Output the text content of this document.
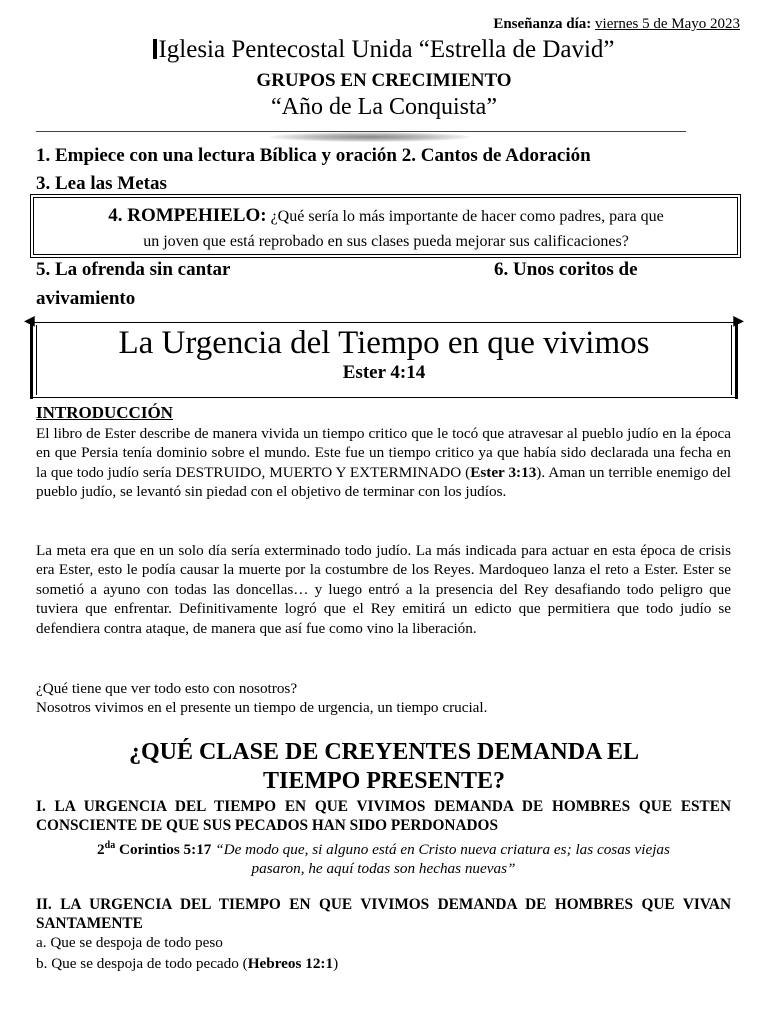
Enseñanza día: viernes 5 de Mayo 2023
Iglesia Pentecostal Unida “Estrella de David”
GRUPOS EN CRECIMIENTO
“Año de La Conquista”
1. Empiece con una lectura Bíblica y oración 2. Cantos de Adoración
3. Lea las Metas
4. ROMPEHIELO: ¿Qué sería lo más importante de hacer como padres, para que
un joven que está reprobado en sus clases pueda mejorar sus calificaciones?
5. La ofrenda sin cantar	6. Unos coritos de
avivamiento
◀	▶
La Urgencia del Tiempo en que vivimos
Ester 4:14
INTRODUCCIÓN
El libro de Ester describe de manera vivida un tiempo critico que le tocó que atravesar al pueblo judío en la época en que Persia tenía dominio sobre el mundo. Este fue un tiempo critico ya que había sido declarada una fecha en la que todo judío sería DESTRUIDO, MUERTO Y EXTERMINADO (Ester 3:13). Aman un terrible enemigo del pueblo judío, se levantó sin piedad con el objetivo de terminar con los judíos.
La meta era que en un solo día sería exterminado todo judío. La más indicada para actuar en esta época de crisis era Ester, esto le podía causar la muerte por la costumbre de los Reyes. Mardoqueo lanza el reto a Ester. Ester se sometió a ayuno con todas las doncellas… y luego entró a la presencia del Rey desafiando todo peligro que tuviera que enfrentar. Definitivamente logró que el Rey emitirá un edicto que permitiera que todo judío se defendiera contra ataque, de manera que así fue como vino la liberación.
¿Qué tiene que ver todo esto con nosotros?
Nosotros vivimos en el presente un tiempo de urgencia, un tiempo crucial.
¿QUÉ CLASE DE CREYENTES DEMANDA EL
TIEMPO PRESENTE?
I. LA URGENCIA DEL TIEMPO EN QUE VIVIMOS DEMANDA DE HOMBRES QUE ESTEN CONSCIENTE DE QUE SUS PECADOS HAN SIDO PERDONADOS
$2^{da}$ Corintios 5:17 “De modo que, si alguno está en Cristo nueva criatura es; las cosas viejas
pasaron, he aquí todas son hechas nuevas”
II. LA URGENCIA DEL TIEMPO EN QUE VIVIMOS DEMANDA DE HOMBRES QUE VIVAN SANTAMENTE
a. Que se despoja de todo peso
b. Que se despoja de todo pecado (Hebreos 12:1)
